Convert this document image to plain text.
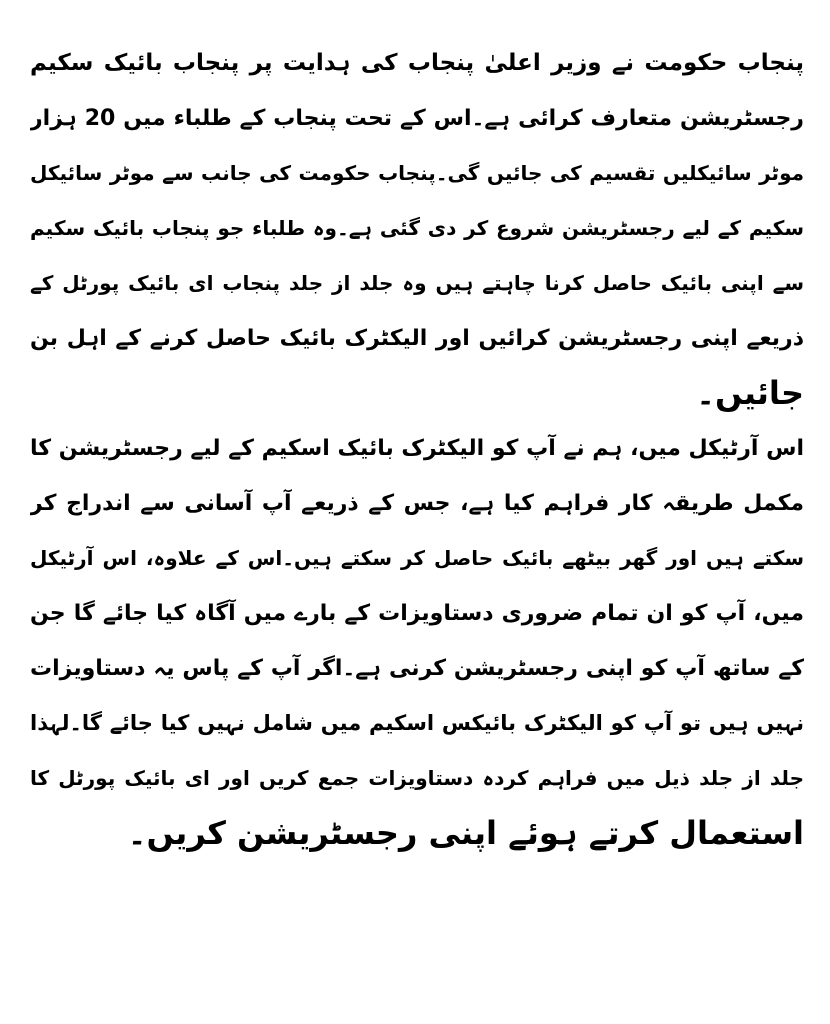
پنجاب حکومت نے وزیر اعلیٰ پنجاب کی ہدایت پر پنجاب بائیک سکیم
رجسٹریشن متعارف کرائی ہے۔اس کے تحت پنجاب کے طلباء میں 20 ہزار
موٹر سائیکلیں تقسیم کی جائیں گی۔پنجاب حکومت کی جانب سے موٹر سائیکل
سکیم کے لیے رجسٹریشن شروع کر دی گئی ہے۔وہ طلباء جو پنجاب بائیک سکیم
سے اپنی بائیک حاصل کرنا چاہتے ہیں وہ جلد از جلد پنجاب ای بائیک پورٹل کے
ذریعے اپنی رجسٹریشن کرائیں اور الیکٹرک بائیک حاصل کرنے کے اہل بن
جائیں۔
اس آرٹیکل میں، ہم نے آپ کو الیکٹرک بائیک اسکیم کے لیے رجسٹریشن کا
مکمل طریقہ کار فراہم کیا ہے، جس کے ذریعے آپ آسانی سے اندراج کر
سکتے ہیں اور گھر بیٹھے بائیک حاصل کر سکتے ہیں۔اس کے علاوہ، اس آرٹیکل
میں، آپ کو ان تمام ضروری دستاویزات کے بارے میں آگاہ کیا جائے گا جن
کے ساتھ آپ کو اپنی رجسٹریشن کرنی ہے۔اگر آپ کے پاس یہ دستاویزات
نہیں ہیں تو آپ کو الیکٹرک بائیکس اسکیم میں شامل نہیں کیا جائے گا۔لہذا
جلد از جلد ذیل میں فراہم کردہ دستاویزات جمع کریں اور ای بائیک پورٹل کا
استعمال کرتے ہوئے اپنی رجسٹریشن کریں۔
